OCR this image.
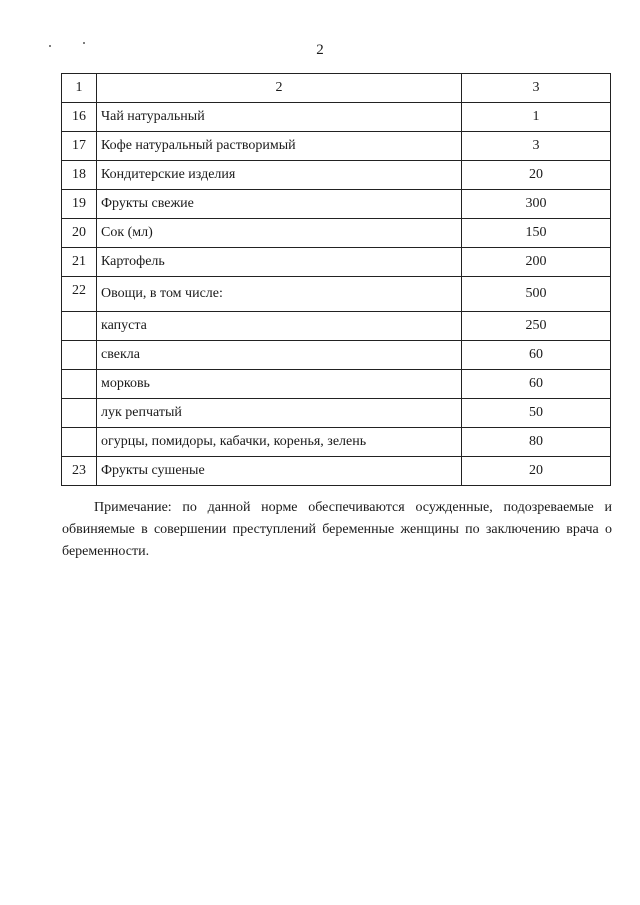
2
1	2	3
16	Чай натуральный	1
17	Кофе натуральный растворимый	3
18	Кондитерские изделия	20
19	Фрукты свежие	300
20	Сок (мл)	150
21	Картофель	200
22	Овощи, в том числе:	500
	капуста	250
	свекла	60
	морковь	60
	лук репчатый	50
	огурцы, помидоры, кабачки, коренья, зелень	80
23	Фрукты сушеные	20

Примечание: по данной норме обеспечиваются осужденные, подозреваемые и обвиняемые в совершении преступлений беременные женщины по заключению врача о беременности.
